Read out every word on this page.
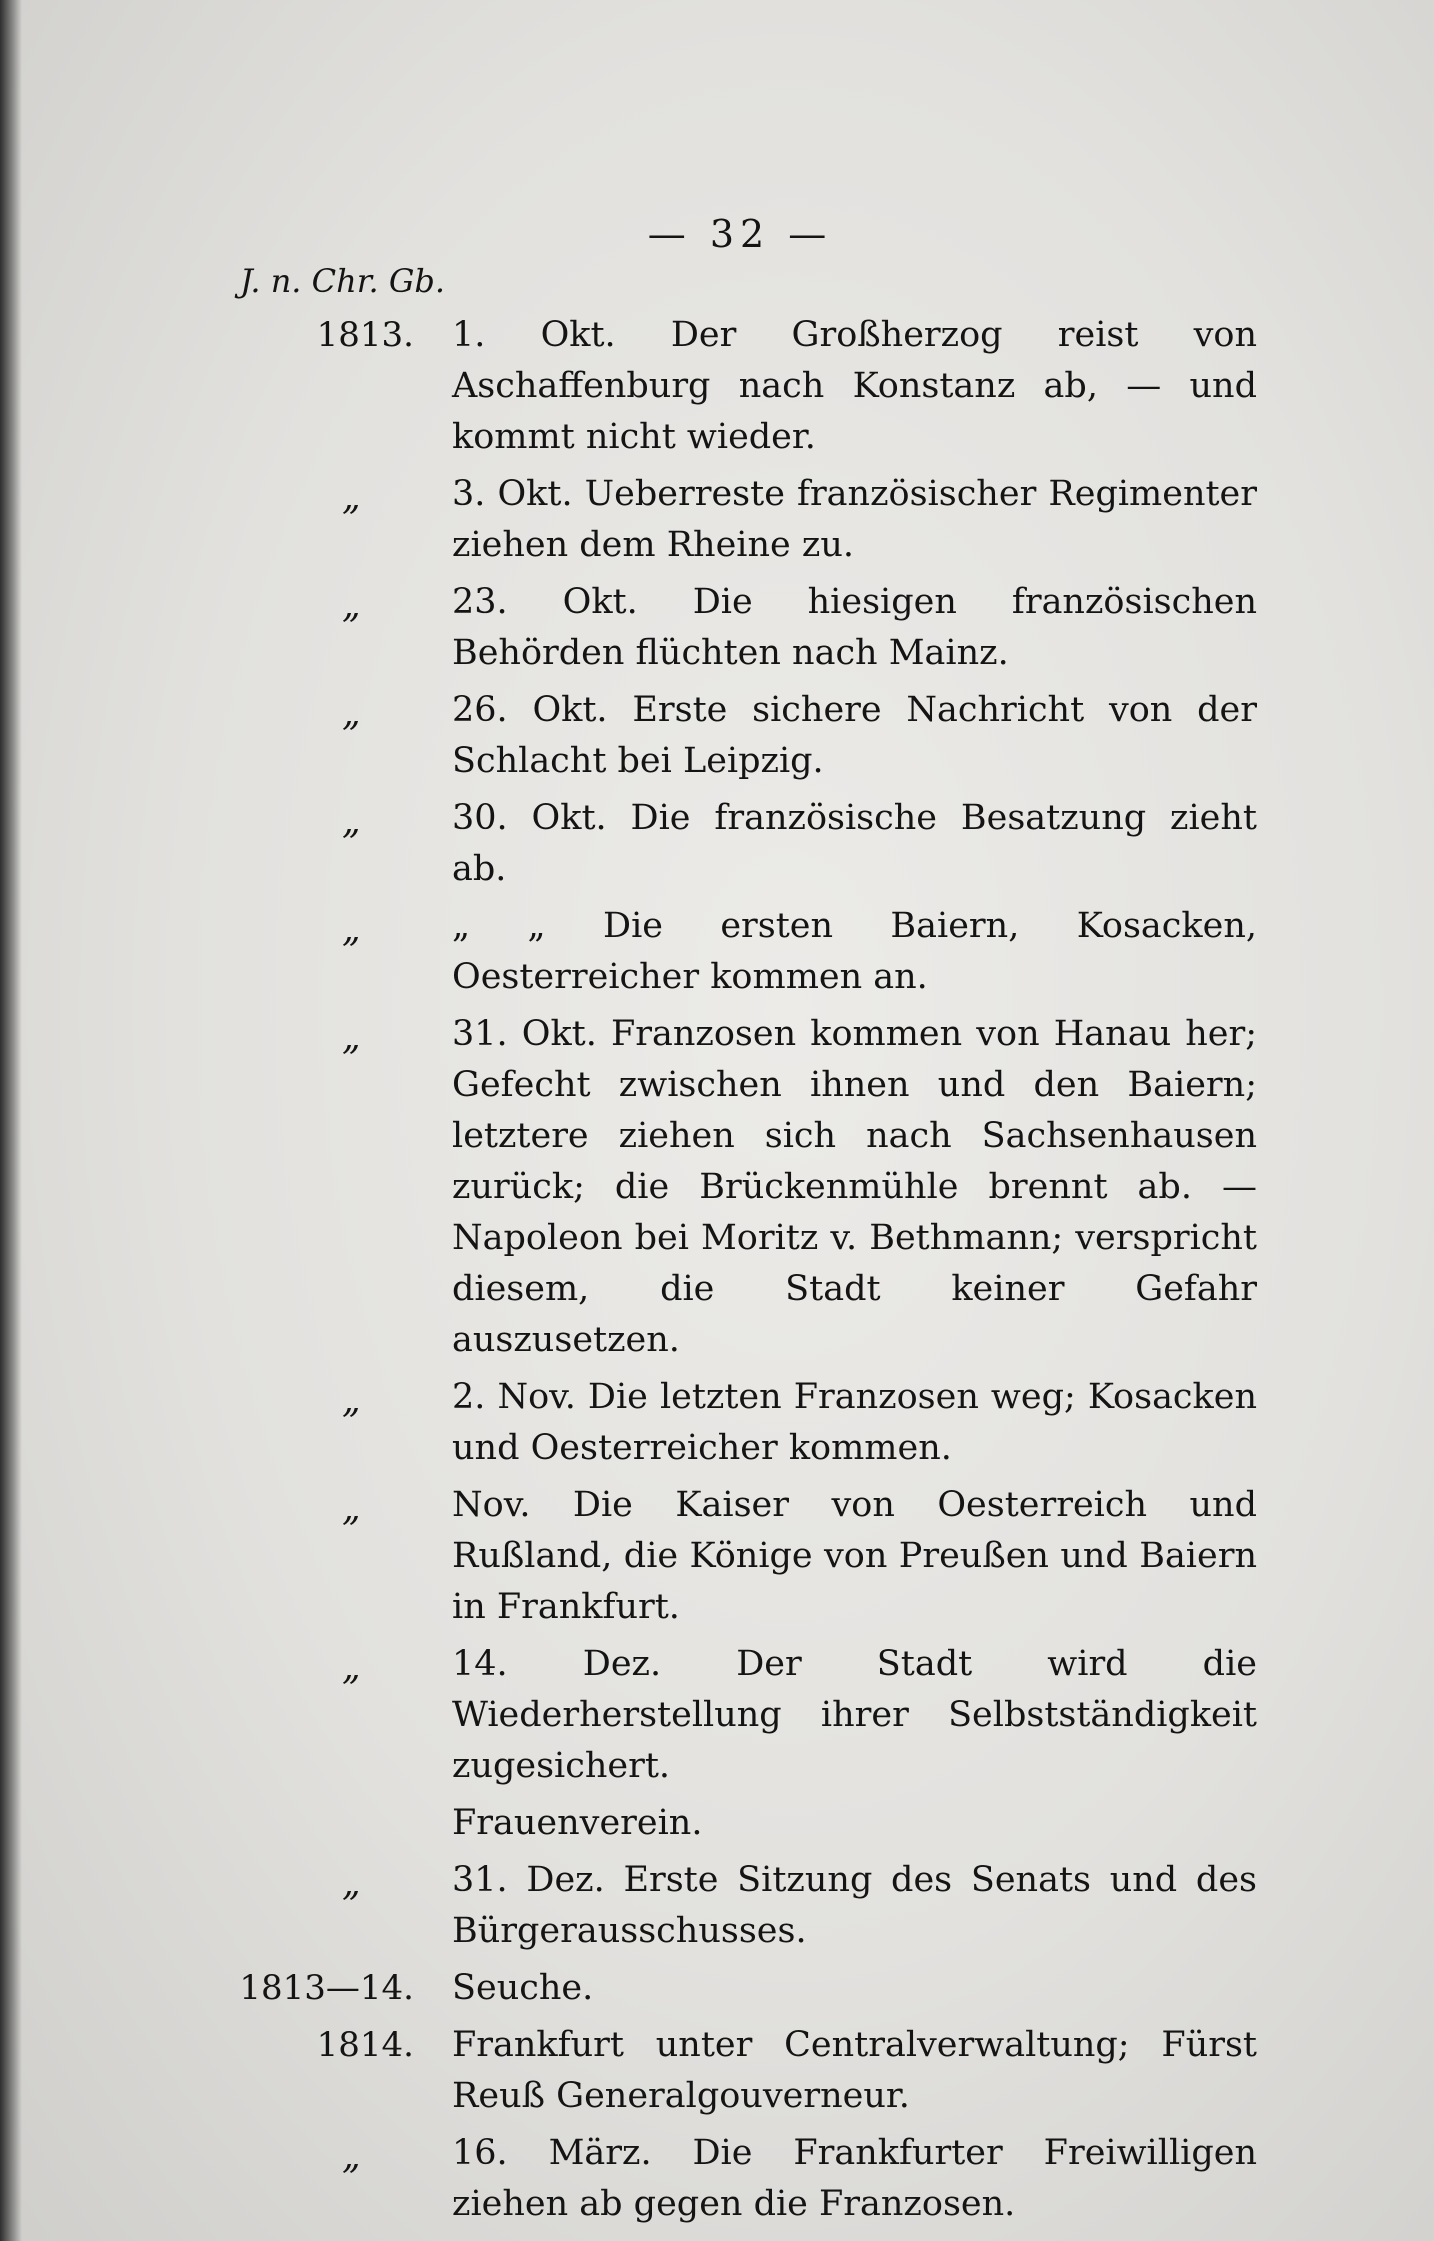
— 32 —
J. n. Chr. Gb.
1813. 1. Okt. Der Großherzog reist von Aschaffenburg nach Konstanz ab, — und kommt nicht wieder.
„	3. Okt. Ueberreste französischer Regimenter ziehen dem Rheine zu.
„	23. Okt. Die hiesigen französischen Behörden flüchten nach Mainz.
„	26. Okt. Erste sichere Nachricht von der Schlacht bei Leipzig.
„	30. Okt. Die französische Besatzung zieht ab.
„	„ „ Die ersten Baiern, Kosacken, Oesterreicher kommen an.
„	31. Okt. Franzosen kommen von Hanau her; Gefecht zwischen ihnen und den Baiern; letztere ziehen sich nach Sachsenhausen zurück; die Brückenmühle brennt ab. — Napoleon bei Moritz v. Bethmann; verspricht diesem, die Stadt keiner Gefahr auszusetzen.
„	2. Nov. Die letzten Franzosen weg; Kosacken und Oesterreicher kommen.
„	Nov. Die Kaiser von Oesterreich und Rußland, die Könige von Preußen und Baiern in Frankfurt.
„	14. Dez. Der Stadt wird die Wiederherstellung ihrer Selbstständigkeit zugesichert.
Frauenverein.
„	31. Dez. Erste Sitzung des Senats und des Bürgerausschusses.
1813—14. Seuche.
1814. Frankfurt unter Centralverwaltung; Fürst Reuß Generalgouverneur.
„	16. März. Die Frankfurter Freiwilligen ziehen ab gegen die Franzosen.
